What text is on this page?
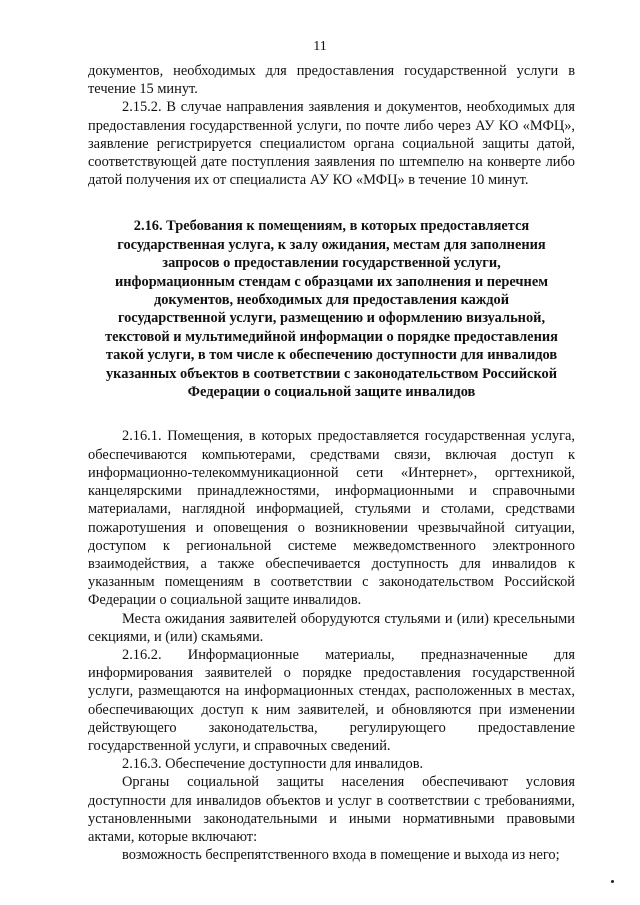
11

документов, необходимых для предоставления государственной услуги в течение 15 минут.

2.15.2. В случае направления заявления и документов, необходимых для предоставления государственной услуги, по почте либо через АУ КО «МФЦ», заявление регистрируется специалистом органа социальной защиты датой, соответствующей дате поступления заявления по штемпелю на конверте либо датой получения их от специалиста АУ КО «МФЦ» в течение 10 минут.

2.16. Требования к помещениям, в которых предоставляется государственная услуга, к залу ожидания, местам для заполнения запросов о предоставлении государственной услуги, информационным стендам с образцами их заполнения и перечнем документов, необходимых для предоставления каждой государственной услуги, размещению и оформлению визуальной, текстовой и мультимедийной информации о порядке предоставления такой услуги, в том числе к обеспечению доступности для инвалидов указанных объектов в соответствии с законодательством Российской Федерации о социальной защите инвалидов

2.16.1. Помещения, в которых предоставляется государственная услуга, обеспечиваются компьютерами, средствами связи, включая доступ к информационно-телекоммуникационной сети «Интернет», оргтехникой, канцелярскими принадлежностями, информационными и справочными материалами, наглядной информацией, стульями и столами, средствами пожаротушения и оповещения о возникновении чрезвычайной ситуации, доступом к региональной системе межведомственного электронного взаимодействия, а также обеспечивается доступность для инвалидов к указанным помещениям в соответствии с законодательством Российской Федерации о социальной защите инвалидов.

Места ожидания заявителей оборудуются стульями и (или) кресельными секциями, и (или) скамьями.

2.16.2. Информационные материалы, предназначенные для информирования заявителей о порядке предоставления государственной услуги, размещаются на информационных стендах, расположенных в местах, обеспечивающих доступ к ним заявителей, и обновляются при изменении действующего законодательства, регулирующего предоставление государственной услуги, и справочных сведений.

2.16.3. Обеспечение доступности для инвалидов.

Органы социальной защиты населения обеспечивают условия доступности для инвалидов объектов и услуг в соответствии с требованиями, установленными законодательными и иными нормативными правовыми актами, которые включают:

возможность беспрепятственного входа в помещение и выхода из него;
